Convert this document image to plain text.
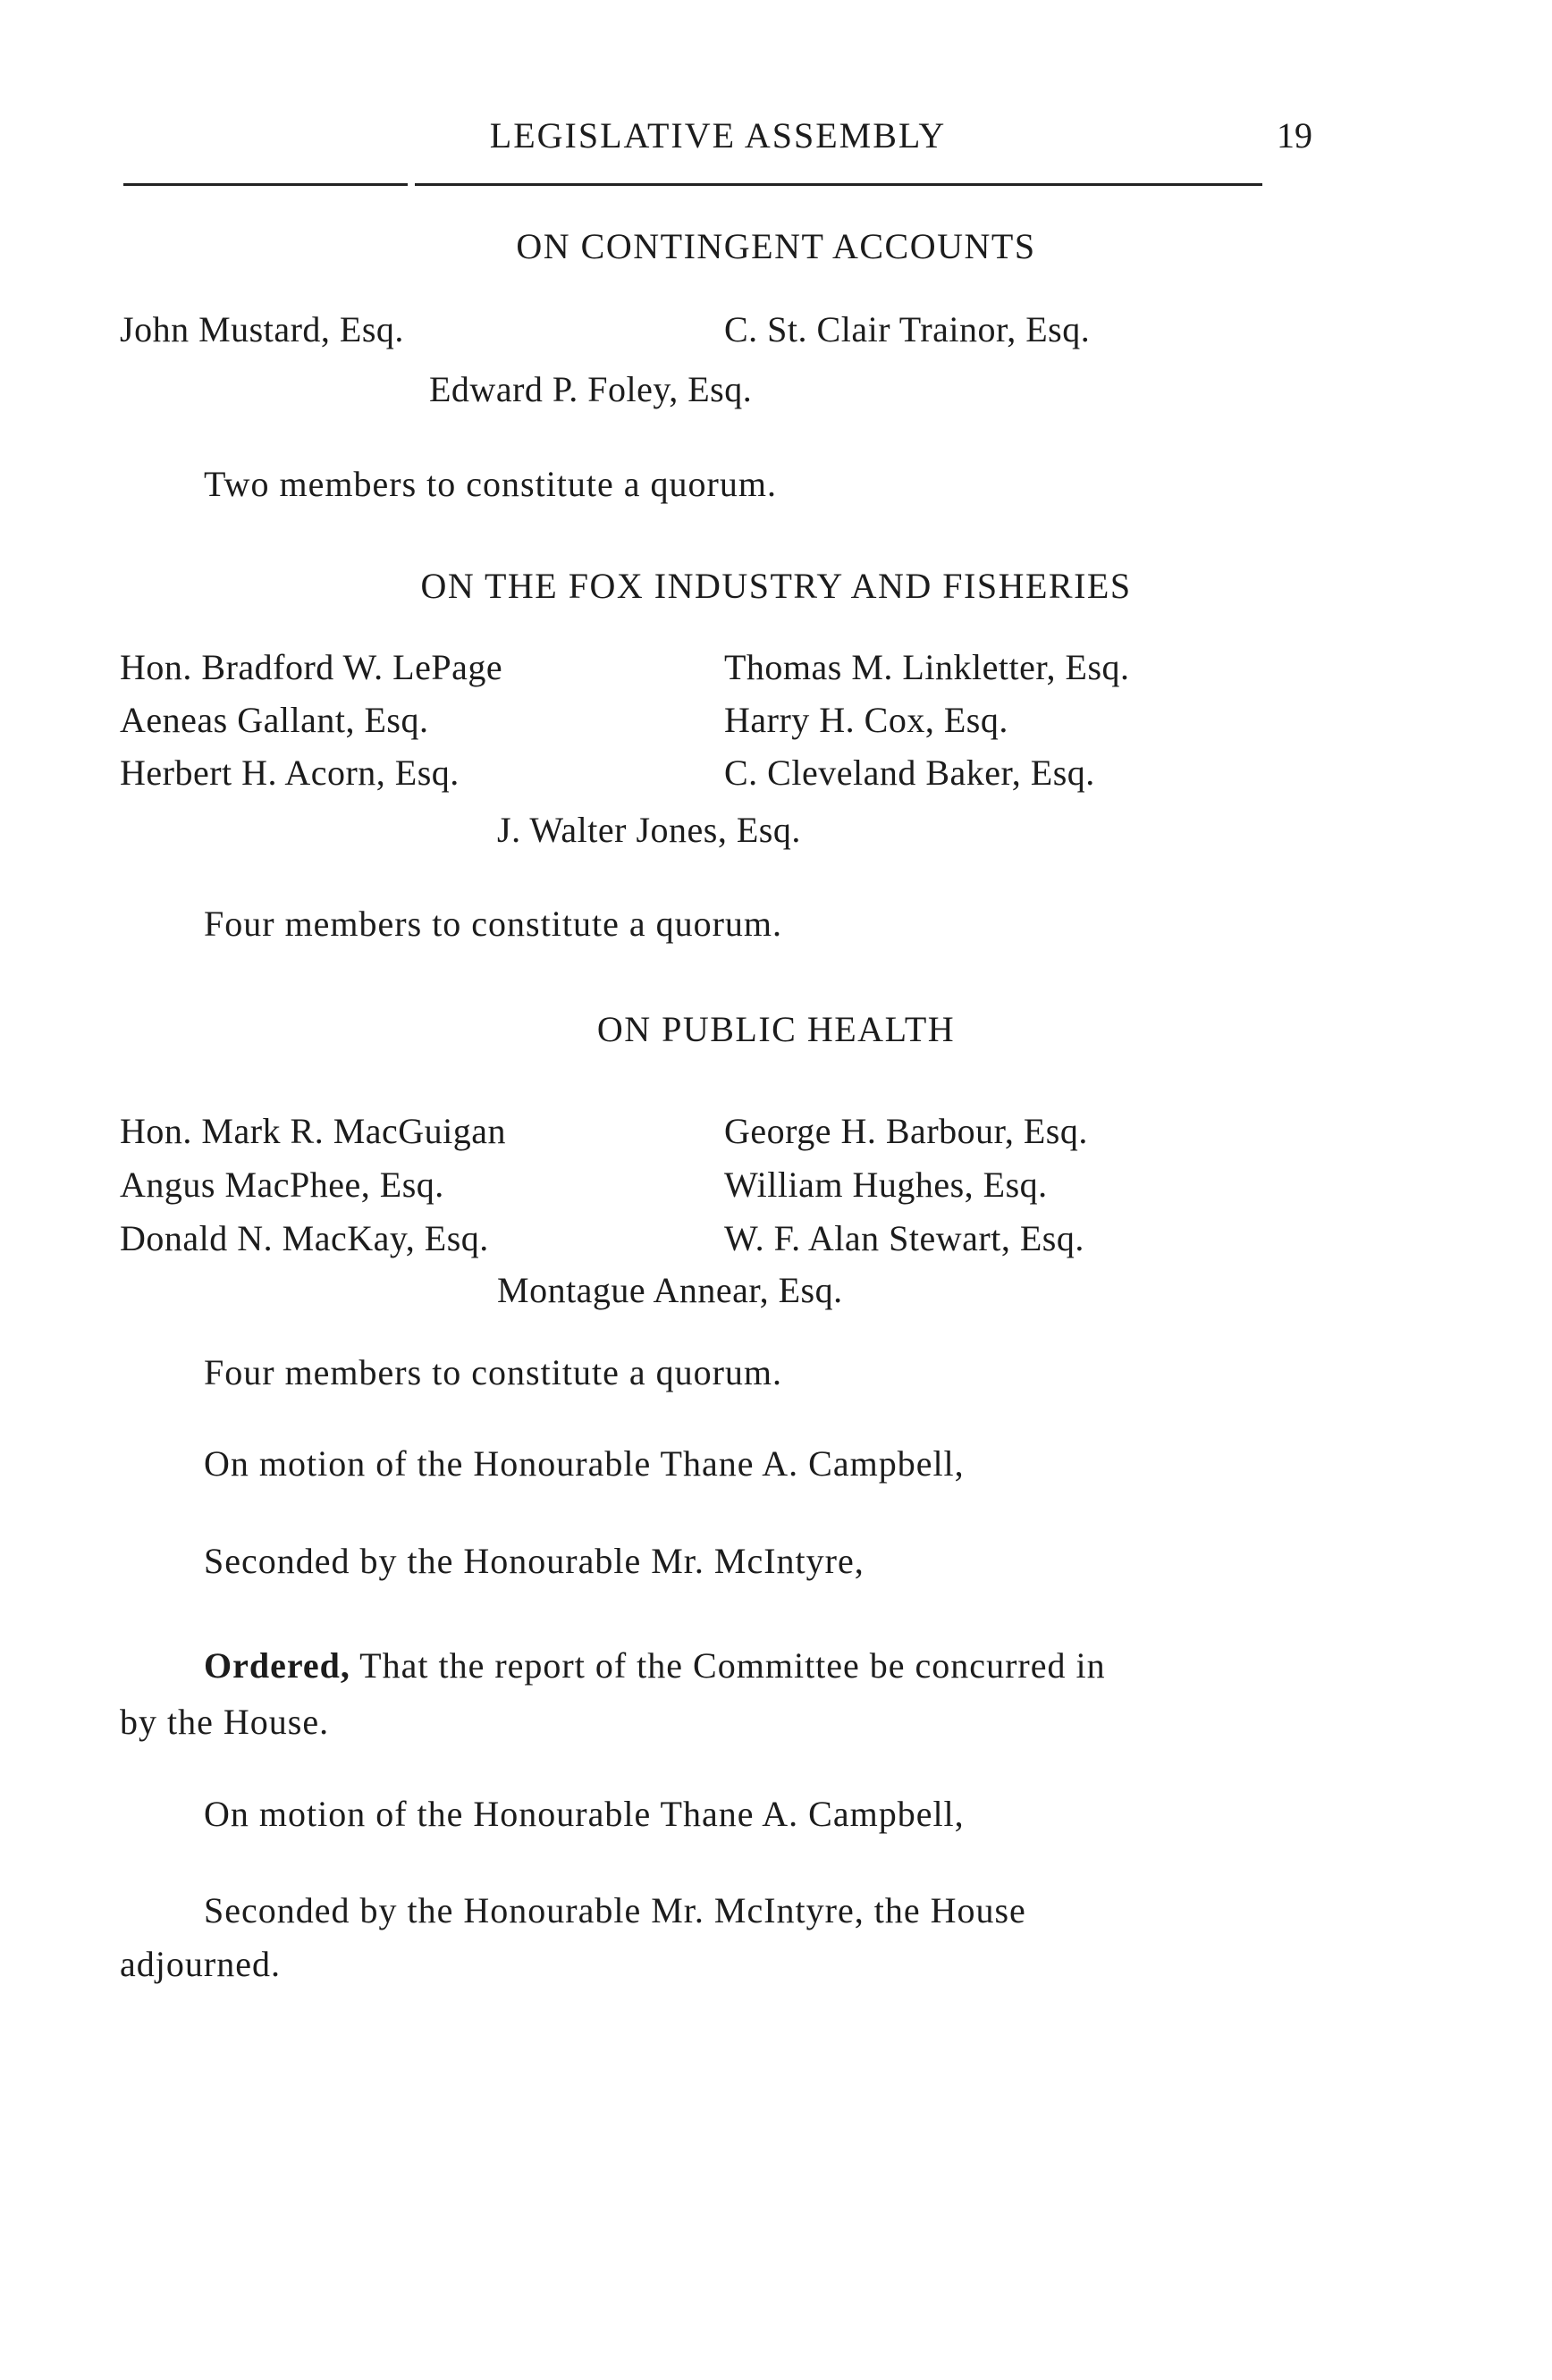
LEGISLATIVE ASSEMBLY	19
ON CONTINGENT ACCOUNTS
John Mustard, Esq.	C. St. Clair Trainor, Esq.
Edward P. Foley, Esq.
Two members to constitute a quorum.
ON THE FOX INDUSTRY AND FISHERIES
Hon. Bradford W. LePage	Thomas M. Linkletter, Esq.
Aeneas Gallant, Esq.	Harry H. Cox, Esq.
Herbert H. Acorn, Esq.	C. Cleveland Baker, Esq.
J. Walter Jones, Esq.
Four members to constitute a quorum.
ON PUBLIC HEALTH
Hon. Mark R. MacGuigan	George H. Barbour, Esq.
Angus MacPhee, Esq.	William Hughes, Esq.
Donald N. MacKay, Esq.	W. F. Alan Stewart, Esq.
Montague Annear, Esq.
Four members to constitute a quorum.
On motion of the Honourable Thane A. Campbell,
Seconded by the Honourable Mr. McIntyre,
Ordered, That the report of the Committee be concurred in
by the House.
On motion of the Honourable Thane A. Campbell,
Seconded by the Honourable Mr. McIntyre, the House
adjourned.
